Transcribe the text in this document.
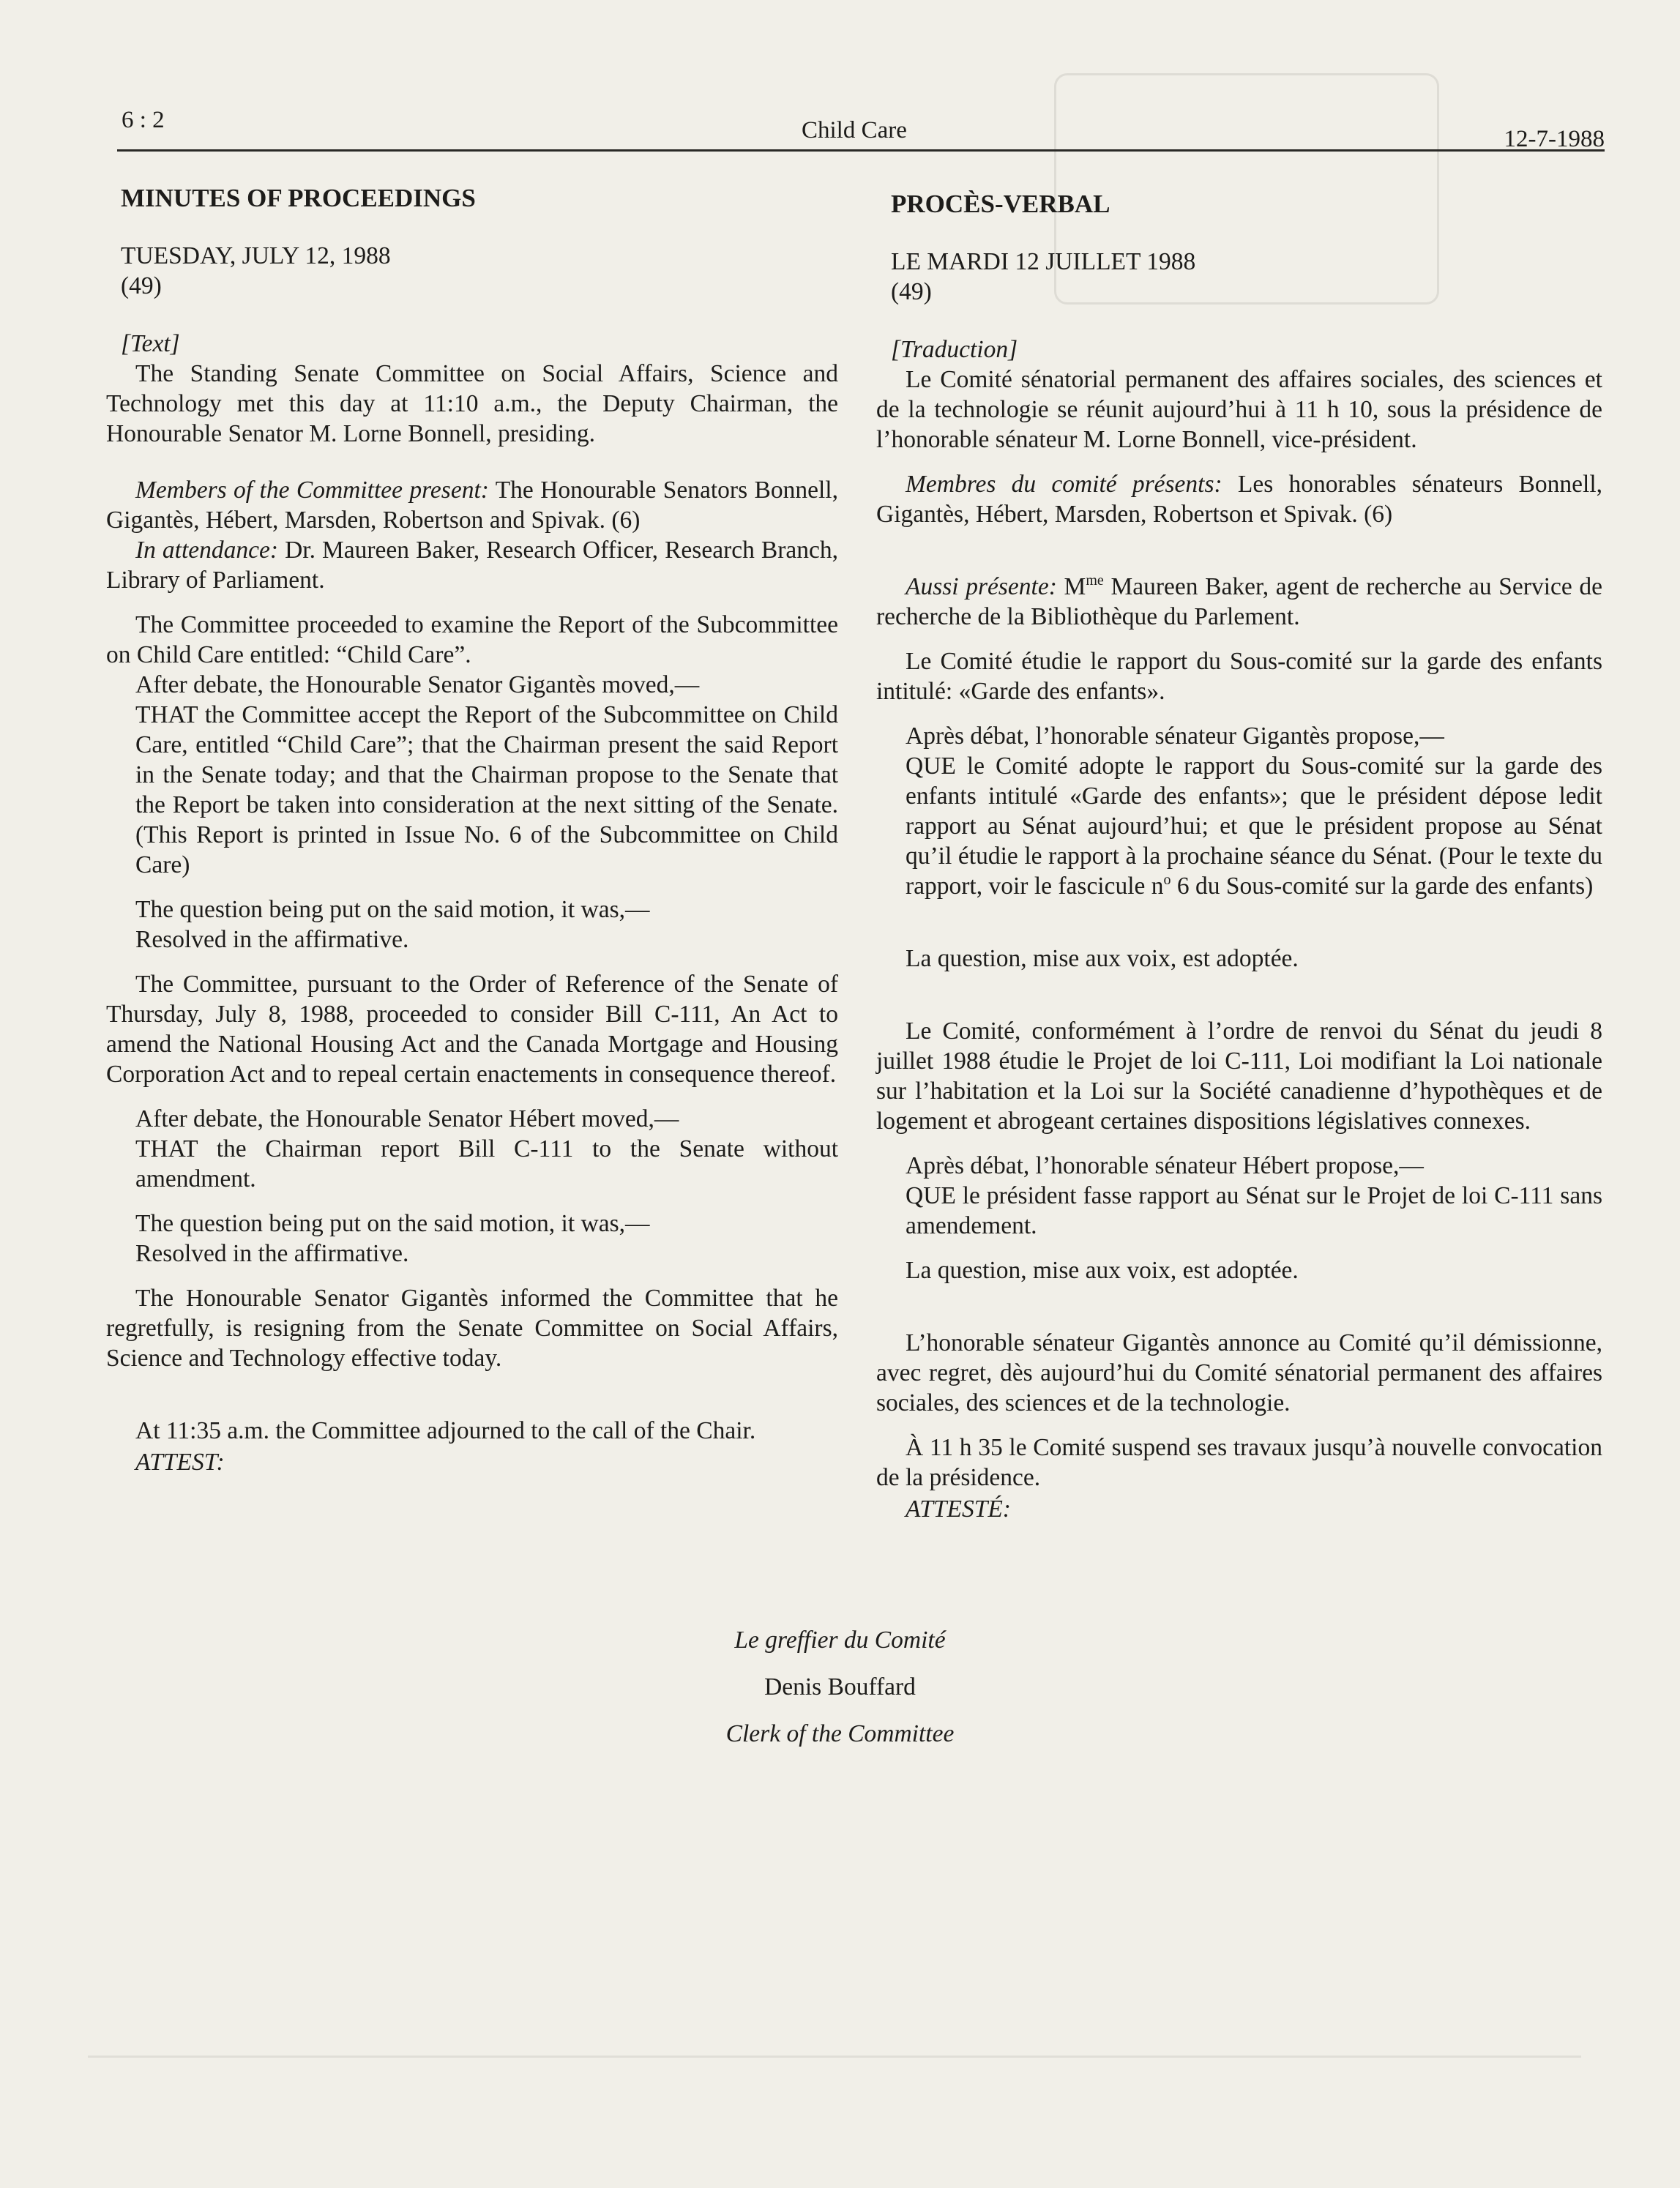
6 : 2	Child Care	12-7-1988
MINUTES OF PROCEEDINGS
TUESDAY, JULY 12, 1988
(49)
[Text]

The Standing Senate Committee on Social Affairs, Science and Technology met this day at 11:10 a.m., the Deputy Chairman, the Honourable Senator M. Lorne Bonnell, presiding.

Members of the Committee present: The Honourable Senators Bonnell, Gigantès, Hébert, Marsden, Robertson and Spivak. (6)

In attendance: Dr. Maureen Baker, Research Officer, Research Branch, Library of Parliament.

The Committee proceeded to examine the Report of the Subcommittee on Child Care entitled: “Child Care”.

After debate, the Honourable Senator Gigantès moved,—

THAT the Committee accept the Report of the Subcommittee on Child Care, entitled “Child Care”; that the Chairman present the said Report in the Senate today; and that the Chairman propose to the Senate that the Report be taken into consideration at the next sitting of the Senate. (This Report is printed in Issue No. 6 of the Subcommittee on Child Care)

The question being put on the said motion, it was,—

Resolved in the affirmative.

The Committee, pursuant to the Order of Reference of the Senate of Thursday, July 8, 1988, proceeded to consider Bill C-111, An Act to amend the National Housing Act and the Canada Mortgage and Housing Corporation Act and to repeal certain enactements in consequence thereof.

After debate, the Honourable Senator Hébert moved,—

THAT the Chairman report Bill C-111 to the Senate without amendment.

The question being put on the said motion, it was,—

Resolved in the affirmative.

The Honourable Senator Gigantès informed the Committee that he regretfully, is resigning from the Senate Committee on Social Affairs, Science and Technology effective today.

At 11:35 a.m. the Committee adjourned to the call of the Chair.

ATTEST:
PROCÈS-VERBAL
LE MARDI 12 JUILLET 1988
(49)
[Traduction]

Le Comité sénatorial permanent des affaires sociales, des sciences et de la technologie se réunit aujourd’hui à 11 h 10, sous la présidence de l’honorable sénateur M. Lorne Bonnell, vice-président.

Membres du comité présents: Les honorables sénateurs Bonnell, Gigantès, Hébert, Marsden, Robertson et Spivak. (6)

Aussi présente: $M^{me}$ Maureen Baker, agent de recherche au Service de recherche de la Bibliothèque du Parlement.

Le Comité étudie le rapport du Sous-comité sur la garde des enfants intitulé: «Garde des enfants».

Après débat, l’honorable sénateur Gigantès propose,—

QUE le Comité adopte le rapport du Sous-comité sur la garde des enfants intitulé «Garde des enfants»; que le président dépose ledit rapport au Sénat aujourd’hui; et que le président propose au Sénat qu’il étudie le rapport à la prochaine séance du Sénat. (Pour le texte du rapport, voir le fascicule $n^o$ 6 du Sous-comité sur la garde des enfants)

La question, mise aux voix, est adoptée.

Le Comité, conformément à l’ordre de renvoi du Sénat du jeudi 8 juillet 1988 étudie le Projet de loi C-111, Loi modifiant la Loi nationale sur l’habitation et la Loi sur la Société canadienne d’hypothèques et de logement et abrogeant certaines dispositions législatives connexes.

Après débat, l’honorable sénateur Hébert propose,—

QUE le président fasse rapport au Sénat sur le Projet de loi C-111 sans amendement.

La question, mise aux voix, est adoptée.

L’honorable sénateur Gigantès annonce au Comité qu’il démissionne, avec regret, dès aujourd’hui du Comité sénatorial permanent des affaires sociales, des sciences et de la technologie.

À 11 h 35 le Comité suspend ses travaux jusqu’à nouvelle convocation de la présidence.

ATTESTÉ:
Le greffier du Comité
Denis Bouffard
Clerk of the Committee
